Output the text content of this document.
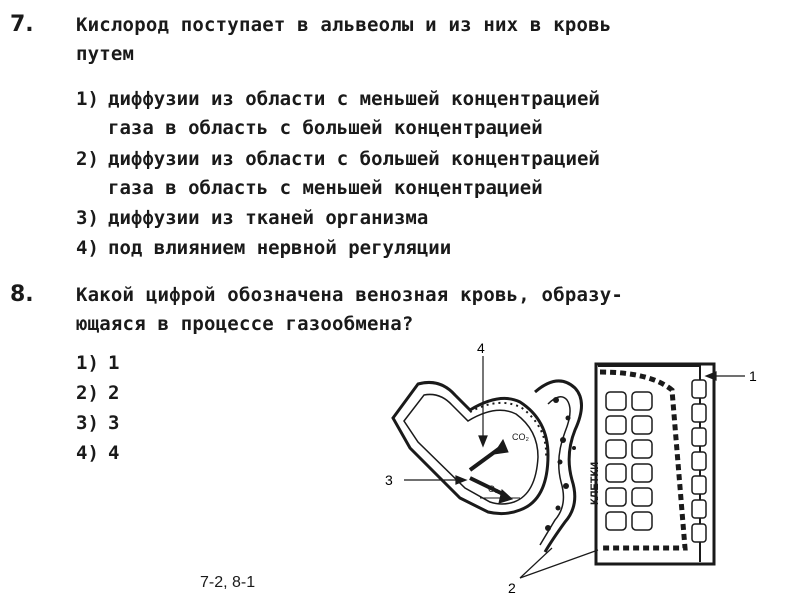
7. Кислород поступает в альвеолы и из них в кровь
путем
1) диффузии из области с меньшей концентрацией
газа в область с большей концентрацией
2) диффузии из области с большей концентрацией
газа в область с меньшей концентрацией
3) диффузии из тканей организма
4) под влиянием нервной регуляции
8. Какой цифрой обозначена венозная кровь, образу-
ющаяся в процессе газообмена?
1) 1
2) 2
3) 3
4) 4
CO₂
O₂	КЛЕТКИ
4
3
1
2
7-2, 8-1
